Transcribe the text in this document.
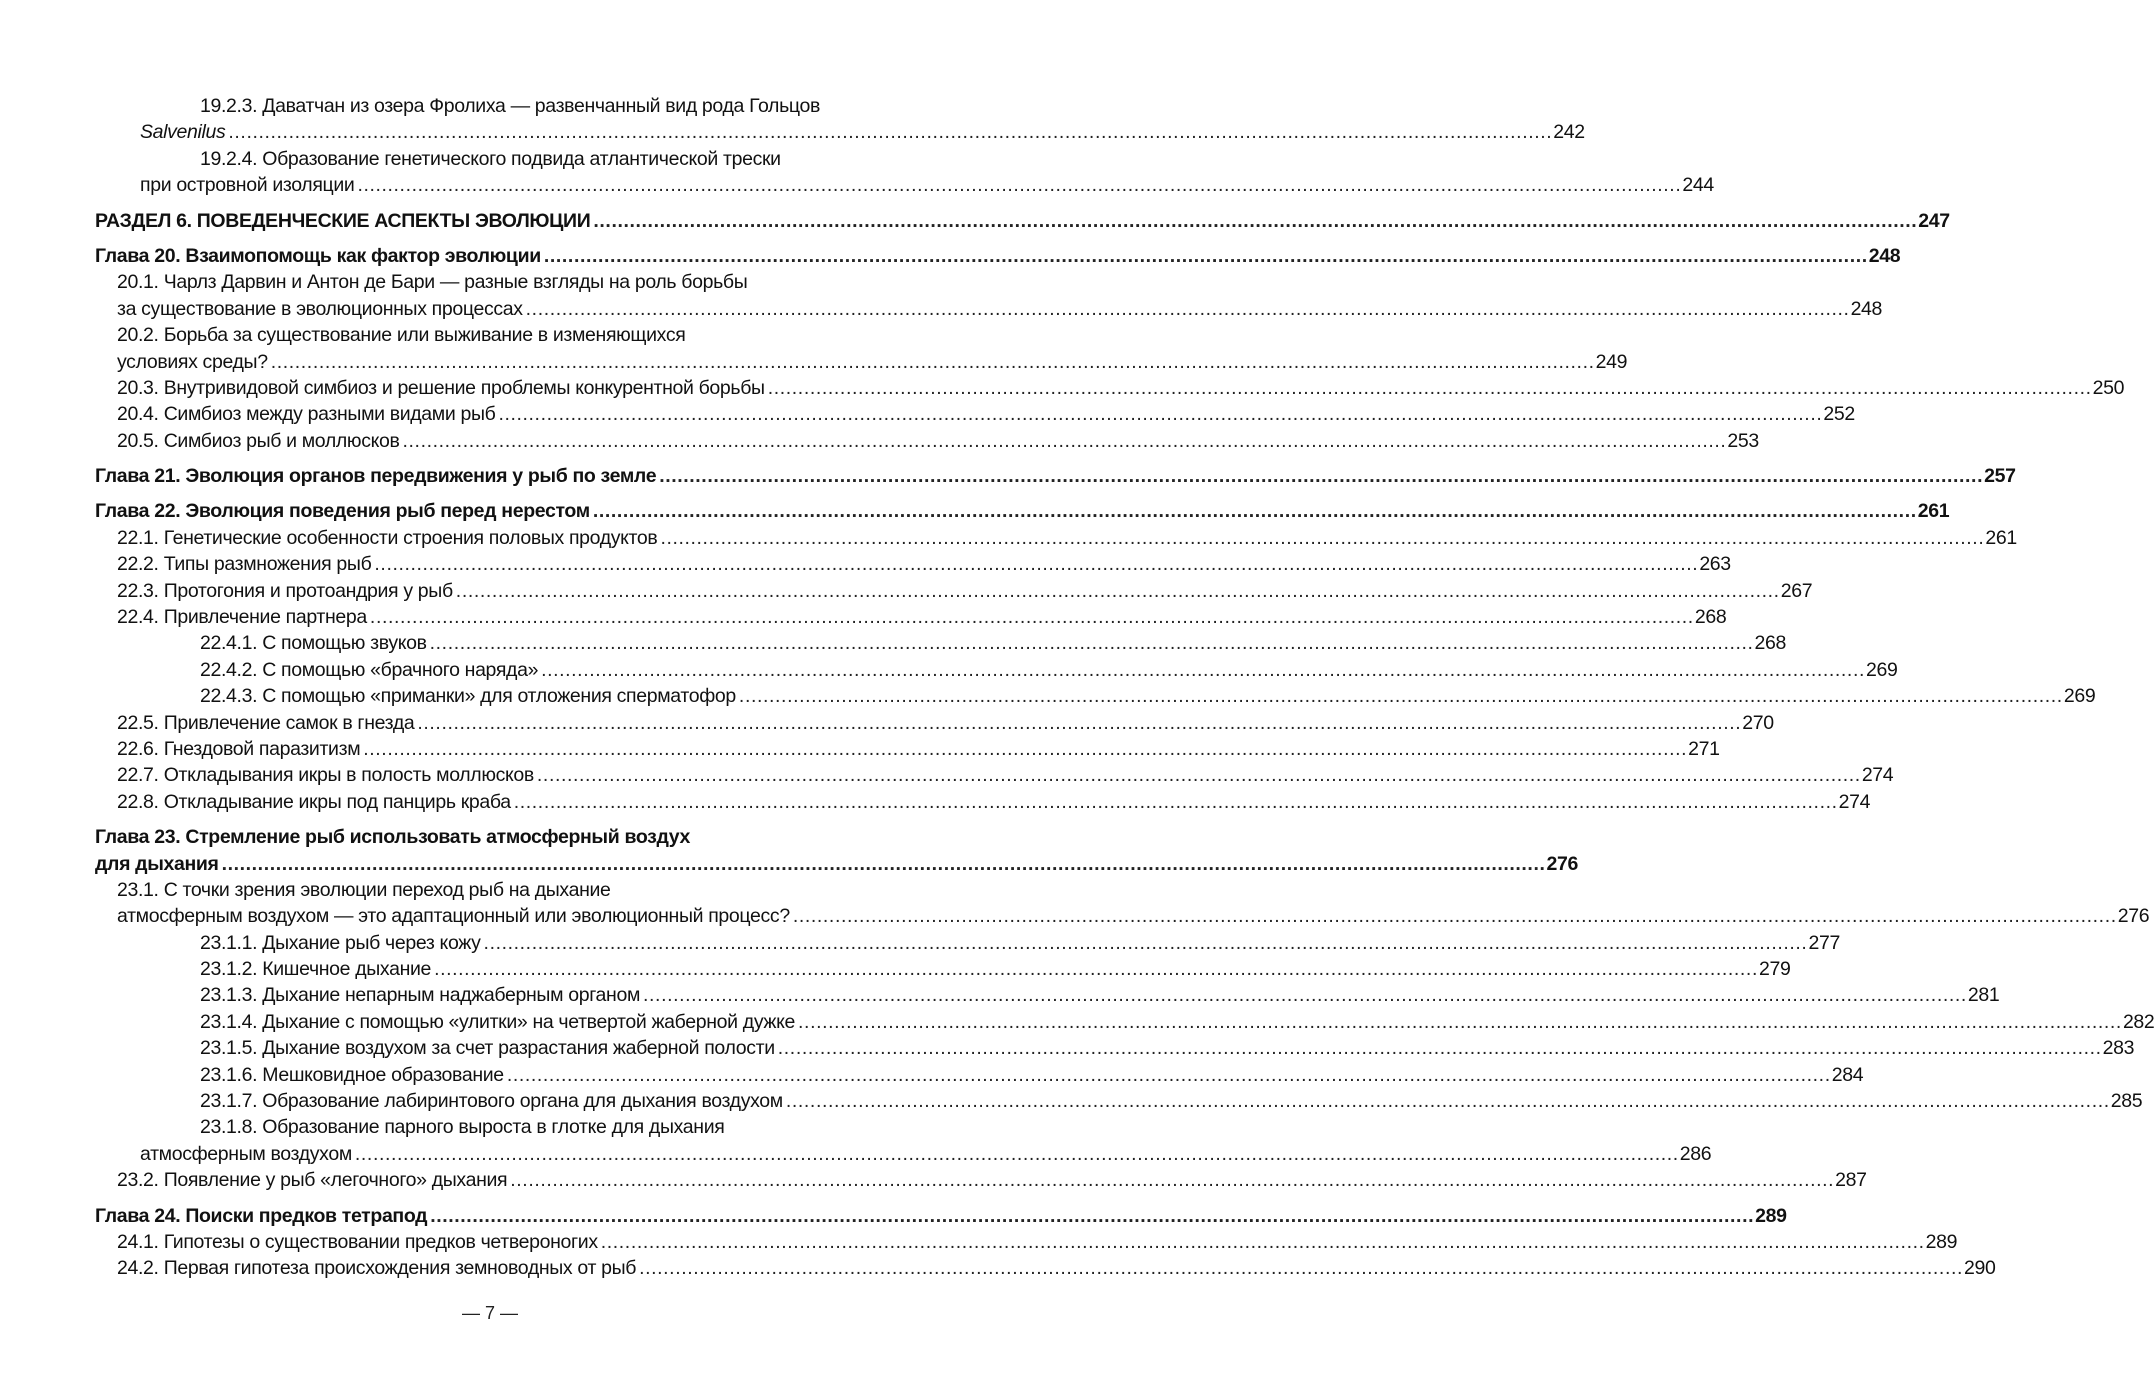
19.2.3. Даватчан из озера Фролиха — развенчанный вид рода Гольцов
Salvenilus ............................................................................................................................................................................................................................ 242
19.2.4. Образование генетического подвида атлантической трески
при островной изоляции ............................................................................................................................................................................................................................ 244
РАЗДЕЛ 6. ПОВЕДЕНЧЕСКИЕ АСПЕКТЫ ЭВОЛЮЦИИ ............................................................................................................................................................................................................................ 247
Глава 20. Взаимопомощь как фактор эволюции ............................................................................................................................................................................................................................ 248
20.1. Чарлз Дарвин и Антон де Бари — разные взгляды на роль борьбы
за существование в эволюционных процессах ............................................................................................................................................................................................................................ 248
20.2. Борьба за существование или выживание в изменяющихся
условиях среды? ............................................................................................................................................................................................................................ 249
20.3. Внутривидовой симбиоз и решение проблемы конкурентной борьбы ............................................................................................................................................................................................................................ 250
20.4. Симбиоз между разными видами рыб ............................................................................................................................................................................................................................ 252
20.5. Симбиоз рыб и моллюсков ............................................................................................................................................................................................................................ 253
Глава 21. Эволюция органов передвижения у рыб по земле ............................................................................................................................................................................................................................ 257
Глава 22. Эволюция поведения рыб перед нерестом ............................................................................................................................................................................................................................ 261
22.1. Генетические особенности строения половых продуктов ............................................................................................................................................................................................................................ 261
22.2. Типы размножения рыб ............................................................................................................................................................................................................................ 263
22.3. Протогония и протоандрия у рыб ............................................................................................................................................................................................................................ 267
22.4. Привлечение партнера ............................................................................................................................................................................................................................ 268
22.4.1. С помощью звуков ............................................................................................................................................................................................................................ 268
22.4.2. С помощью «брачного наряда» ............................................................................................................................................................................................................................ 269
22.4.3. С помощью «приманки» для отложения сперматофор ............................................................................................................................................................................................................................ 269
22.5. Привлечение самок в гнезда ............................................................................................................................................................................................................................ 270
22.6. Гнездовой паразитизм ............................................................................................................................................................................................................................ 271
22.7. Откладывания икры в полость моллюсков ............................................................................................................................................................................................................................ 274
22.8. Откладывание икры под панцирь краба ............................................................................................................................................................................................................................ 274
Глава 23. Стремление рыб использовать атмосферный воздух
для дыхания ............................................................................................................................................................................................................................ 276
23.1. С точки зрения эволюции переход рыб на дыхание
атмосферным воздухом — это адаптационный или эволюционный процесс? ............................................................................................................................................................................................................................ 276
23.1.1. Дыхание рыб через кожу ............................................................................................................................................................................................................................ 277
23.1.2. Кишечное дыхание ............................................................................................................................................................................................................................ 279
23.1.3. Дыхание непарным наджаберным органом ............................................................................................................................................................................................................................ 281
23.1.4. Дыхание с помощью «улитки» на четвертой жаберной дужке ............................................................................................................................................................................................................................ 282
23.1.5. Дыхание воздухом за счет разрастания жаберной полости ............................................................................................................................................................................................................................ 283
23.1.6. Мешковидное образование ............................................................................................................................................................................................................................ 284
23.1.7. Образование лабиринтового органа для дыхания воздухом ............................................................................................................................................................................................................................ 285
23.1.8. Образование парного выроста в глотке для дыхания
атмосферным воздухом ............................................................................................................................................................................................................................ 286
23.2. Появление у рыб «легочного» дыхания ............................................................................................................................................................................................................................ 287
Глава 24. Поиски предков тетрапод ............................................................................................................................................................................................................................ 289
24.1. Гипотезы о существовании предков четвероногих ............................................................................................................................................................................................................................ 289
24.2. Первая гипотеза происхождения земноводных от рыб ............................................................................................................................................................................................................................ 290
— 7 —
